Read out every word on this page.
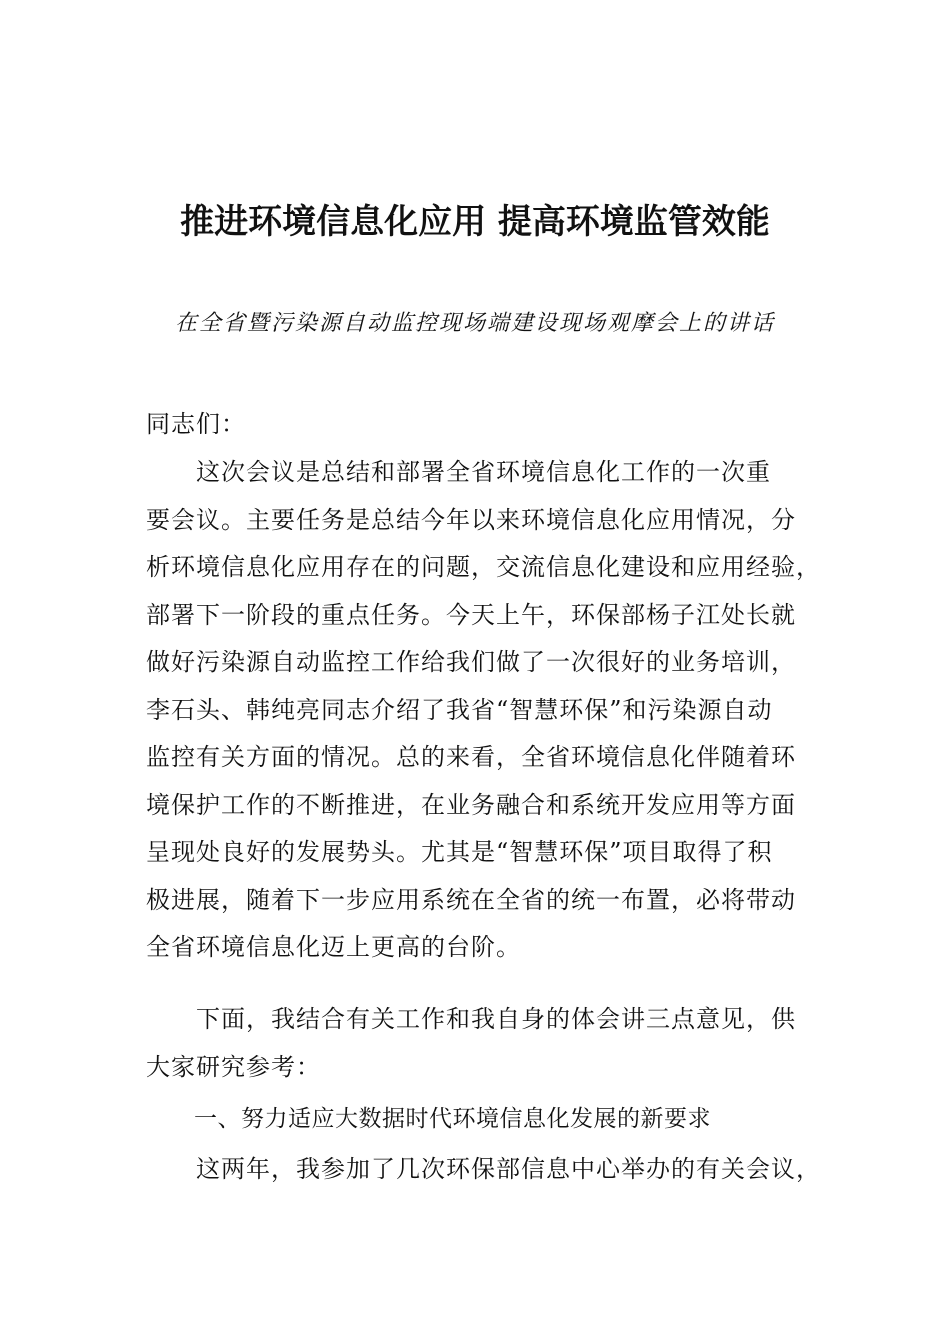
推进环境信息化应用 提高环境监管效能
在全省暨污染源自动监控现场端建设现场观摩会上的讲话
同志们：
　　这次会议是总结和部署全省环境信息化工作的一次重
要会议。主要任务是总结今年以来环境信息化应用情况，分
析环境信息化应用存在的问题，交流信息化建设和应用经验，
部署下一阶段的重点任务。今天上午，环保部杨子江处长就
做好污染源自动监控工作给我们做了一次很好的业务培训，
李石头、韩纯亮同志介绍了我省“智慧环保”和污染源自动
监控有关方面的情况。总的来看，全省环境信息化伴随着环
境保护工作的不断推进，在业务融合和系统开发应用等方面
呈现处良好的发展势头。尤其是“智慧环保”项目取得了积
极进展，随着下一步应用系统在全省的统一布置，必将带动
全省环境信息化迈上更高的台阶。
　　下面，我结合有关工作和我自身的体会讲三点意见，供
大家研究参考：
一、努力适应大数据时代环境信息化发展的新要求
　　这两年，我参加了几次环保部信息中心举办的有关会议，
